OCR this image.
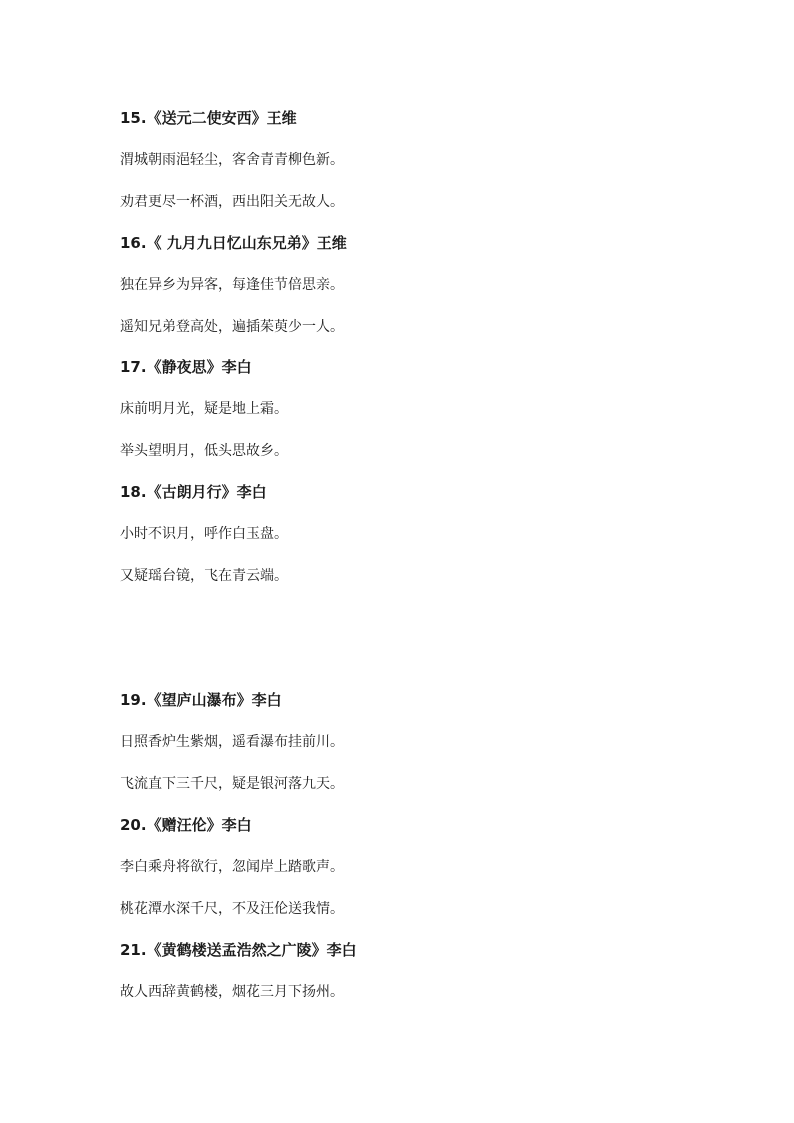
15.《送元二使安西》王维
渭城朝雨浥轻尘，客舍青青柳色新。
劝君更尽一杯酒，西出阳关无故人。
16.《 九月九日忆山东兄弟》王维
独在异乡为异客，每逢佳节倍思亲。
遥知兄弟登高处，遍插茱萸少一人。
17.《静夜思》李白
床前明月光，疑是地上霜。
举头望明月，低头思故乡。
18.《古朗月行》李白
小时不识月，呼作白玉盘。
又疑瑶台镜，飞在青云端。
19.《望庐山瀑布》李白
日照香炉生紫烟，遥看瀑布挂前川。
飞流直下三千尺，疑是银河落九天。
20.《赠汪伦》李白
李白乘舟将欲行，忽闻岸上踏歌声。
桃花潭水深千尺，不及汪伦送我情。
21.《黄鹤楼送孟浩然之广陵》李白
故人西辞黄鹤楼，烟花三月下扬州。
